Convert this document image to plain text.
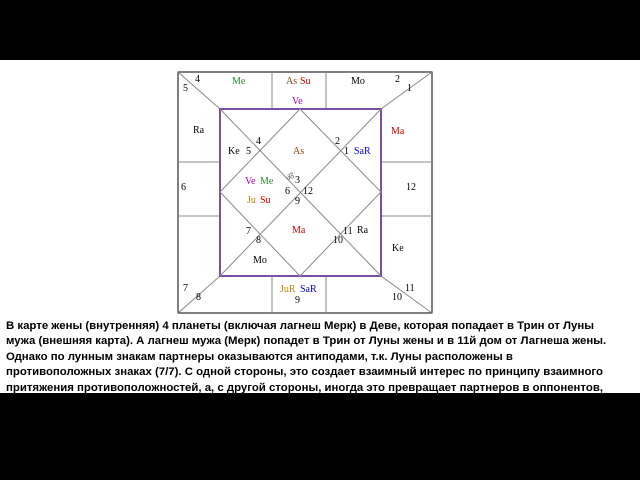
4
5
2
1
6	12
7
8	9	10
11
Me	As Su
Ve
Mo
Ra	Ma
Ke
JuR SaR
4
5
2
1
3
6 12
9
7
8
11
10
Ke	As	SaR
Ve Me
Ju Su
Ma
Mo
Ra
ॐ

В карте жены (внутренняя) 4 планеты (включая лагнеш Мерк) в Деве, которая попадает в Трин от Луны
мужа (внешняя карта). А лагнеш мужа (Мерк) попадет в Трин от Луны жены и в 11й дом от Лагнеша жены.
Однако по лунным знакам партнеры оказываются антиподами, т.к. Луны расположены в
противоположных знаках (7/7). С одной стороны, это создает взаимный интерес по принципу взаимного
притяжения противоположностей, а, с другой стороны, иногда это превращает партнеров в оппонентов,
стоящих по разные стороны баррикады.
